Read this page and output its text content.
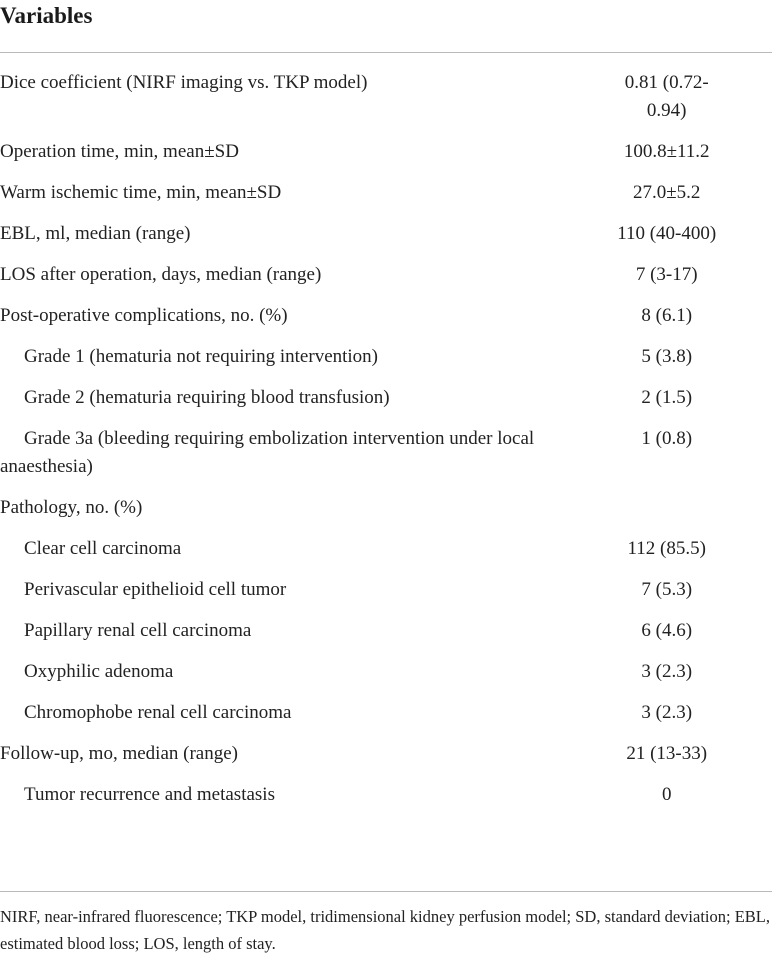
Variables
Dice coefficient (NIRF imaging vs. TKP model)	0.81 (0.72-0.94)
Operation time, min, mean±SD	100.8±11.2
Warm ischemic time, min, mean±SD	27.0±5.2
EBL, ml, median (range)	110 (40-400)
LOS after operation, days, median (range)	7 (3-17)
Post-operative complications, no. (%)	8 (6.1)
Grade 1 (hematuria not requiring intervention)	5 (3.8)
Grade 2 (hematuria requiring blood transfusion)	2 (1.5)
Grade 3a (bleeding requiring embolization intervention under local anaesthesia)	1 (0.8)
Pathology, no. (%)	
Clear cell carcinoma	112 (85.5)
Perivascular epithelioid cell tumor	7 (5.3)
Papillary renal cell carcinoma	6 (4.6)
Oxyphilic adenoma	3 (2.3)
Chromophobe renal cell carcinoma	3 (2.3)
Follow-up, mo, median (range)	21 (13-33)
Tumor recurrence and metastasis	0
NIRF, near-infrared fluorescence; TKP model, tridimensional kidney perfusion model; SD, standard deviation; EBL, estimated blood loss; LOS, length of stay.
